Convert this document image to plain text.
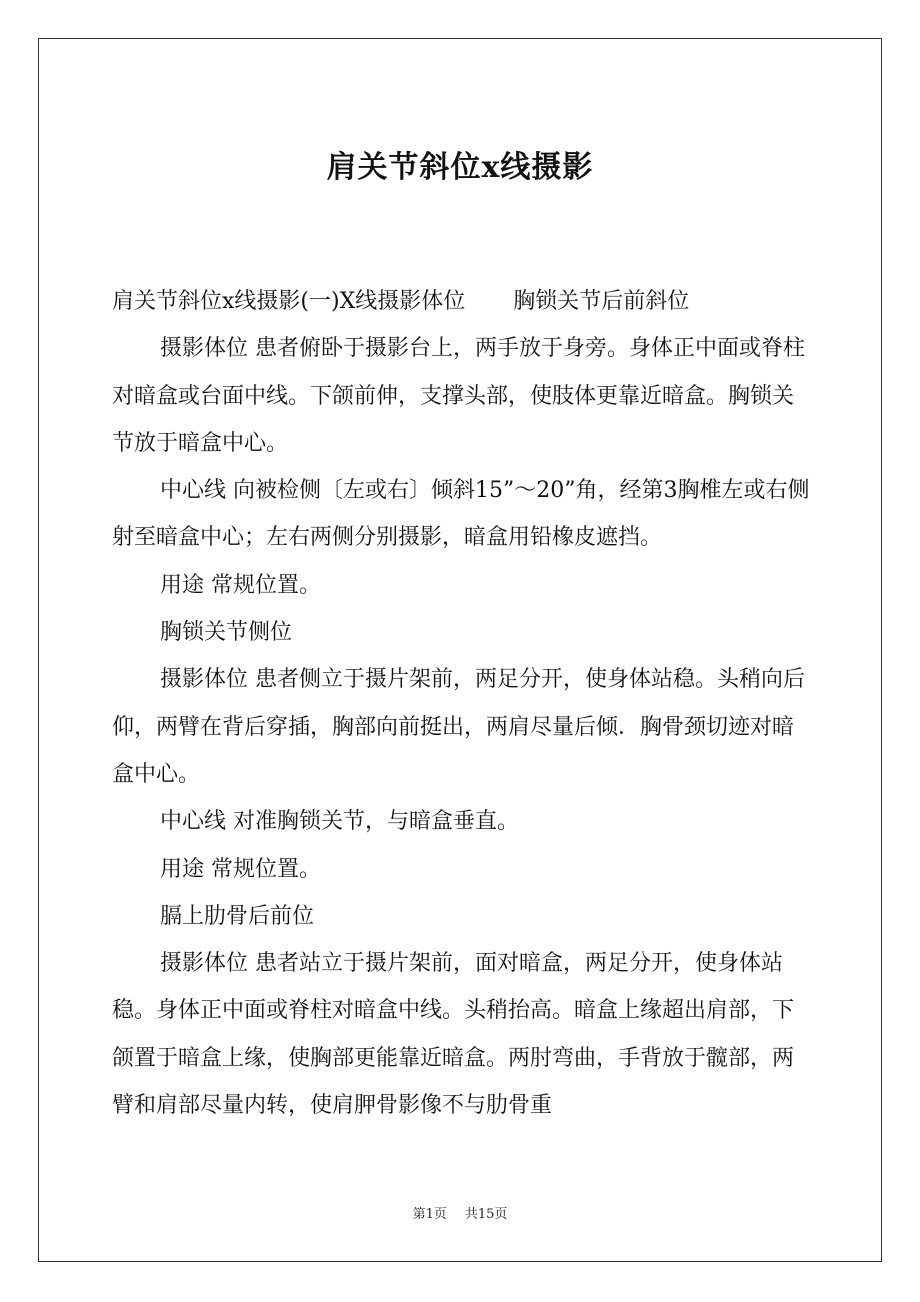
肩关节斜位x线摄影

肩关节斜位x线摄影(一)X线摄影体位 胸锁关节后前斜位

摄影体位 患者俯卧于摄影台上，两手放于身旁。身体正中面或脊柱对暗盒或台面中线。下颌前伸，支撑头部，使肢体更靠近暗盒。胸锁关节放于暗盒中心。

中心线 向被检侧〔左或右〕倾斜15”～20”角，经第3胸椎左或右侧射至暗盒中心；左右两侧分别摄影，暗盒用铅橡皮遮挡。

用途 常规位置。

胸锁关节侧位

摄影体位 患者侧立于摄片架前，两足分开，使身体站稳。头稍向后仰，两臂在背后穿插，胸部向前挺出，两肩尽量后倾．胸骨颈切迹对暗盒中心。

中心线 对准胸锁关节，与暗盒垂直。

用途 常规位置。

膈上肋骨后前位

摄影体位 患者站立于摄片架前，面对暗盒，两足分开，使身体站稳。身体正中面或脊柱对暗盒中线。头稍抬高。暗盒上缘超出肩部，下颌置于暗盒上缘，使胸部更能靠近暗盒。两肘弯曲，手背放于髋部，两臂和肩部尽量内转，使肩胛骨影像不与肋骨重

第1页 共15页
